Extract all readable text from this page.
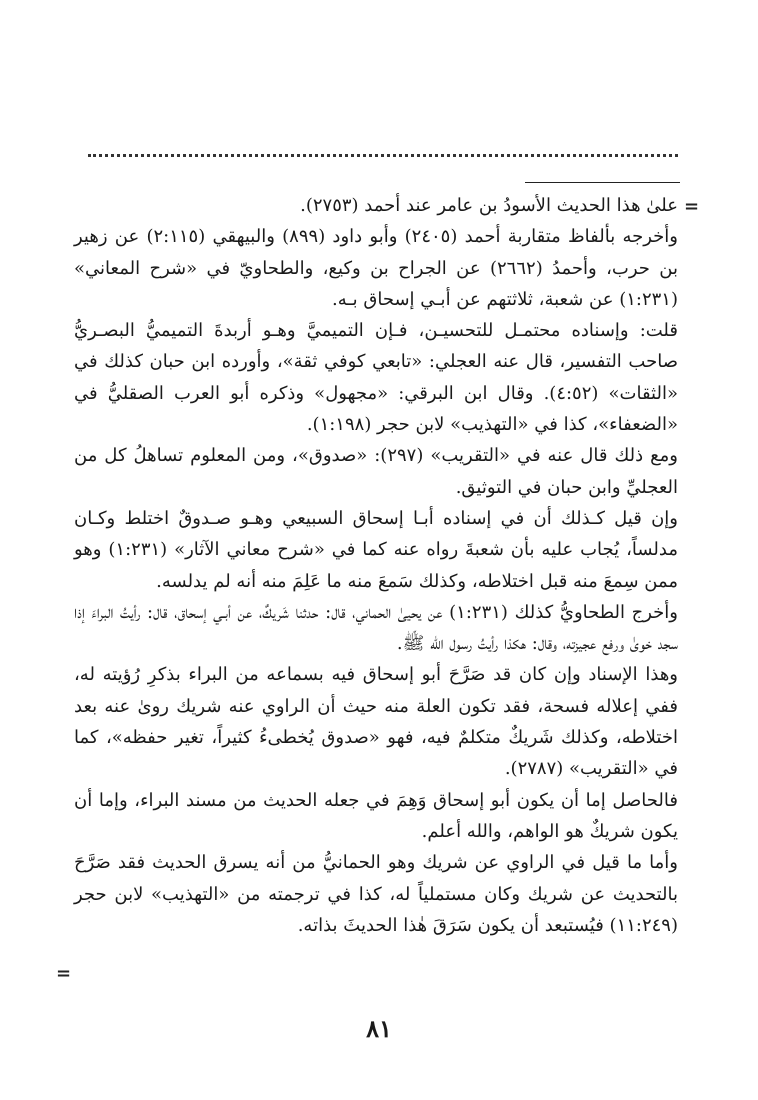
=

علىٰ هذا الحديث الأسودُ بن عامر عند أحمد (٢٧٥٣).

وأخرجه بألفاظ متقاربة أحمد (٢٤٠٥) وأبو داود (٨٩٩) والبيهقي (٢:١١٥) عن زهير بن حرب، وأحمدُ (٢٦٦٢) عن الجراح بن وكيع، والطحاويّ في «شرح المعاني» (١:٢٣١) عن شعبة، ثلاثتهم عن أبـي إسحاق بـه.

قلت: وإسناده محتمـل للتحسيـن، فـإن التميميَّ وهـو أربدةَ التميميُّ البصـريُّ صاحب التفسير، قال عنه العجلي: «تابعي كوفي ثقة»، وأورده ابن حبان كذلك في «الثقات» (٤:٥٢). وقال ابن البرقي: «مجهول» وذكره أبو العرب الصقليُّ في «الضعفاء»، كذا في «التهذيب» لابن حجر (١:١٩٨).

ومع ذلك قال عنه في «التقريب» (٢٩٧): «صدوق»، ومن المعلوم تساهلُ كل من العجليِّ وابن حبان في التوثيق.

وإن قيل كـذلك أن في إسناده أبـا إسحاق السبيعي وهـو صـدوقٌ اختلط وكـان مدلساً، يُجاب عليه بأن شعبةَ رواه عنه كما في «شرح معاني الآثار» (١:٢٣١) وهو ممن سِمعَ منه قبل اختلاطه، وكذلك سَمعَ منه ما عَلِمَ منه أنه لم يدلسه.

وأخرج الطحاويُّ كذلك (١:٢٣١) عن يحيىٰ الحماني، قال: حدثنا شَريكٌ، عن أبـي إسحاق، قال: رأيتُ البراءَ إذا سجد خوىٰ ورفع عجيزته، وقال: هكذا رأيتُ رسول الله ﷺ.

وهذا الإسناد وإن كان قد صَرَّحَ أبو إسحاق فيه بسماعه من البراء بذكرِ رُؤيته له، ففي إعلاله فسحة، فقد تكون العلة منه حيث أن الراوي عنه شريك روىٰ عنه بعد اختلاطه، وكذلك شَريكٌ متكلمٌ فيه، فهو «صدوق يُخطىءُ كثيراً، تغير حفظه»، كما في «التقريب» (٢٧٨٧).

فالحاصل إما أن يكون أبو إسحاق وَهِمَ في جعله الحديث من مسند البراء، وإما أن يكون شريكٌ هو الواهم، والله أعلم.

وأما ما قيل في الراوي عن شريك وهو الحمانيُّ من أنه يسرق الحديث فقد صَرَّحَ بالتحديث عن شريك وكان مستملياً له، كذا في ترجمته من «التهذيب» لابن حجر (١١:٢٤٩) فيُستبعد أن يكون سَرَقَ هٰذا الحديثَ بذاته.

=
٨١
